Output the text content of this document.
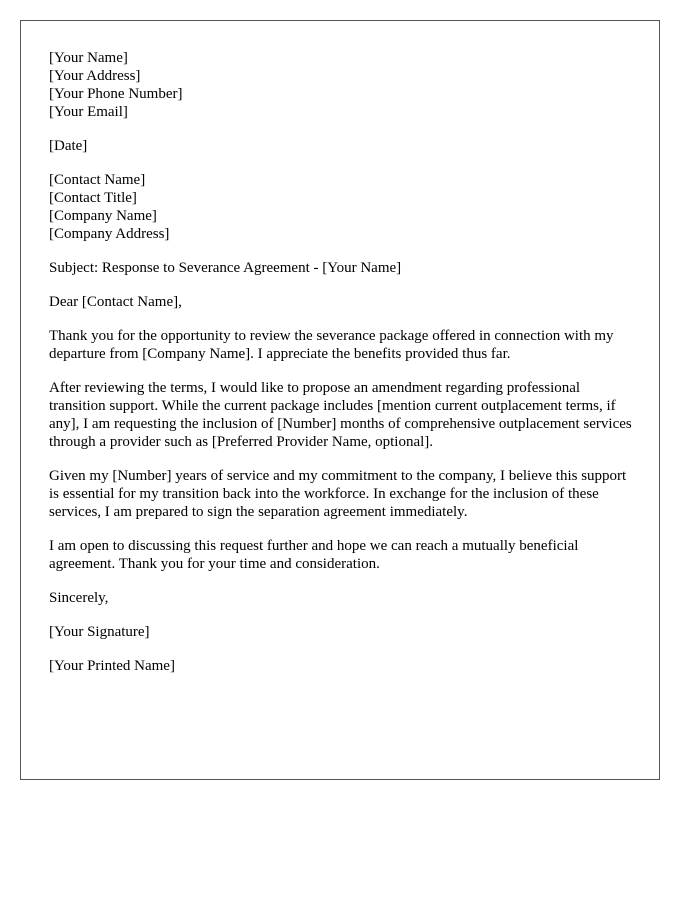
[Your Name]
[Your Address]
[Your Phone Number]
[Your Email]
[Date]
[Contact Name]
[Contact Title]
[Company Name]
[Company Address]
Subject: Response to Severance Agreement - [Your Name]
Dear [Contact Name],

Thank you for the opportunity to review the severance package offered in connection with my departure from [Company Name]. I appreciate the benefits provided thus far.

After reviewing the terms, I would like to propose an amendment regarding professional transition support. While the current package includes [mention current outplacement terms, if any], I am requesting the inclusion of [Number] months of comprehensive outplacement services through a provider such as [Preferred Provider Name, optional].

Given my [Number] years of service and my commitment to the company, I believe this support is essential for my transition back into the workforce. In exchange for the inclusion of these services, I am prepared to sign the separation agreement immediately.

I am open to discussing this request further and hope we can reach a mutually beneficial agreement. Thank you for your time and consideration.

Sincerely,
[Your Signature]
[Your Printed Name]
